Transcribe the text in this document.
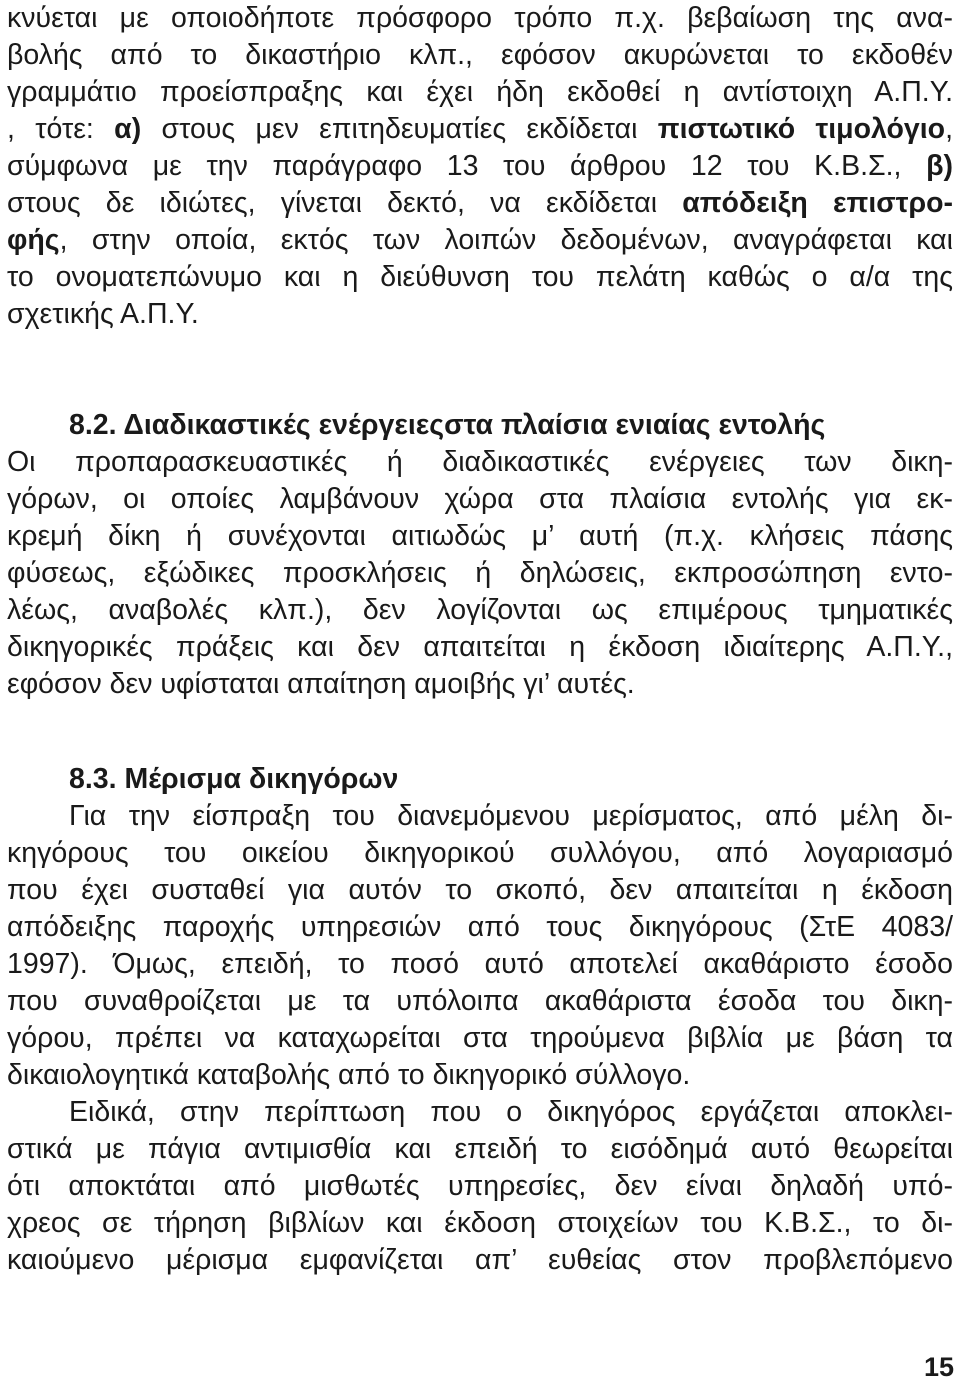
κνύεται με οποιοδήποτε πρόσφορο τρόπο π.χ. βεβαίωση της ανα-
βολής από το δικαστήριο κλπ., εφόσον ακυρώνεται το εκδοθέν
γραμμάτιο προείσπραξης και έχει ήδη εκδοθεί η αντίστοιχη Α.Π.Υ.
, τότε: α) στους μεν επιτηδευματίες εκδίδεται πιστωτικό τιμολόγιο,
σύμφωνα με την παράγραφο 13 του άρθρου 12 του Κ.Β.Σ., β)
στους δε ιδιώτες, γίνεται δεκτό, να εκδίδεται απόδειξη επιστρο-
φής, στην οποία, εκτός των λοιπών δεδομένων, αναγράφεται και
το ονοματεπώνυμο και η διεύθυνση του πελάτη καθώς ο α/α της
σχετικής Α.Π.Υ.
8.2. Διαδικαστικές ενέργειεςστα πλαίσια ενιαίας εντολής
Οι προπαρασκευαστικές ή διαδικαστικές ενέργειες των δικη-
γόρων, οι οποίες λαμβάνουν χώρα στα πλαίσια εντολής για εκ-
κρεμή δίκη ή συνέχονται αιτιωδώς μ’ αυτή (π.χ. κλήσεις πάσης
φύσεως, εξώδικες προσκλήσεις ή δηλώσεις, εκπροσώπηση εντο-
λέως, αναβολές κλπ.), δεν λογίζονται ως επιμέρους τμηματικές
δικηγορικές πράξεις και δεν απαιτείται η έκδοση ιδιαίτερης Α.Π.Υ.,
εφόσον δεν υφίσταται απαίτηση αμοιβής γι’ αυτές.
8.3. Μέρισμα δικηγόρων
Για την είσπραξη του διανεμόμενου μερίσματος, από μέλη δι-
κηγόρους του οικείου δικηγορικού συλλόγου, από λογαριασμό
που έχει συσταθεί για αυτόν το σκοπό, δεν απαιτείται η έκδοση
απόδειξης παροχής υπηρεσιών από τους δικηγόρους (ΣτΕ 4083/
1997). Όμως, επειδή, το ποσό αυτό αποτελεί ακαθάριστο έσοδο
που συναθροίζεται με τα υπόλοιπα ακαθάριστα έσοδα του δικη-
γόρου, πρέπει να καταχωρείται στα τηρούμενα βιβλία με βάση τα
δικαιολογητικά καταβολής από το δικηγορικό σύλλογο.
Ειδικά, στην περίπτωση που ο δικηγόρος εργάζεται αποκλει-
στικά με πάγια αντιμισθία και επειδή το εισόδημά αυτό θεωρείται
ότι αποκτάται από μισθωτές υπηρεσίες, δεν είναι δηλαδή υπό-
χρεος σε τήρηση βιβλίων και έκδοση στοιχείων του Κ.Β.Σ., το δι-
καιούμενο μέρισμα εμφανίζεται απ’ ευθείας στον προβλεπόμενο
15
